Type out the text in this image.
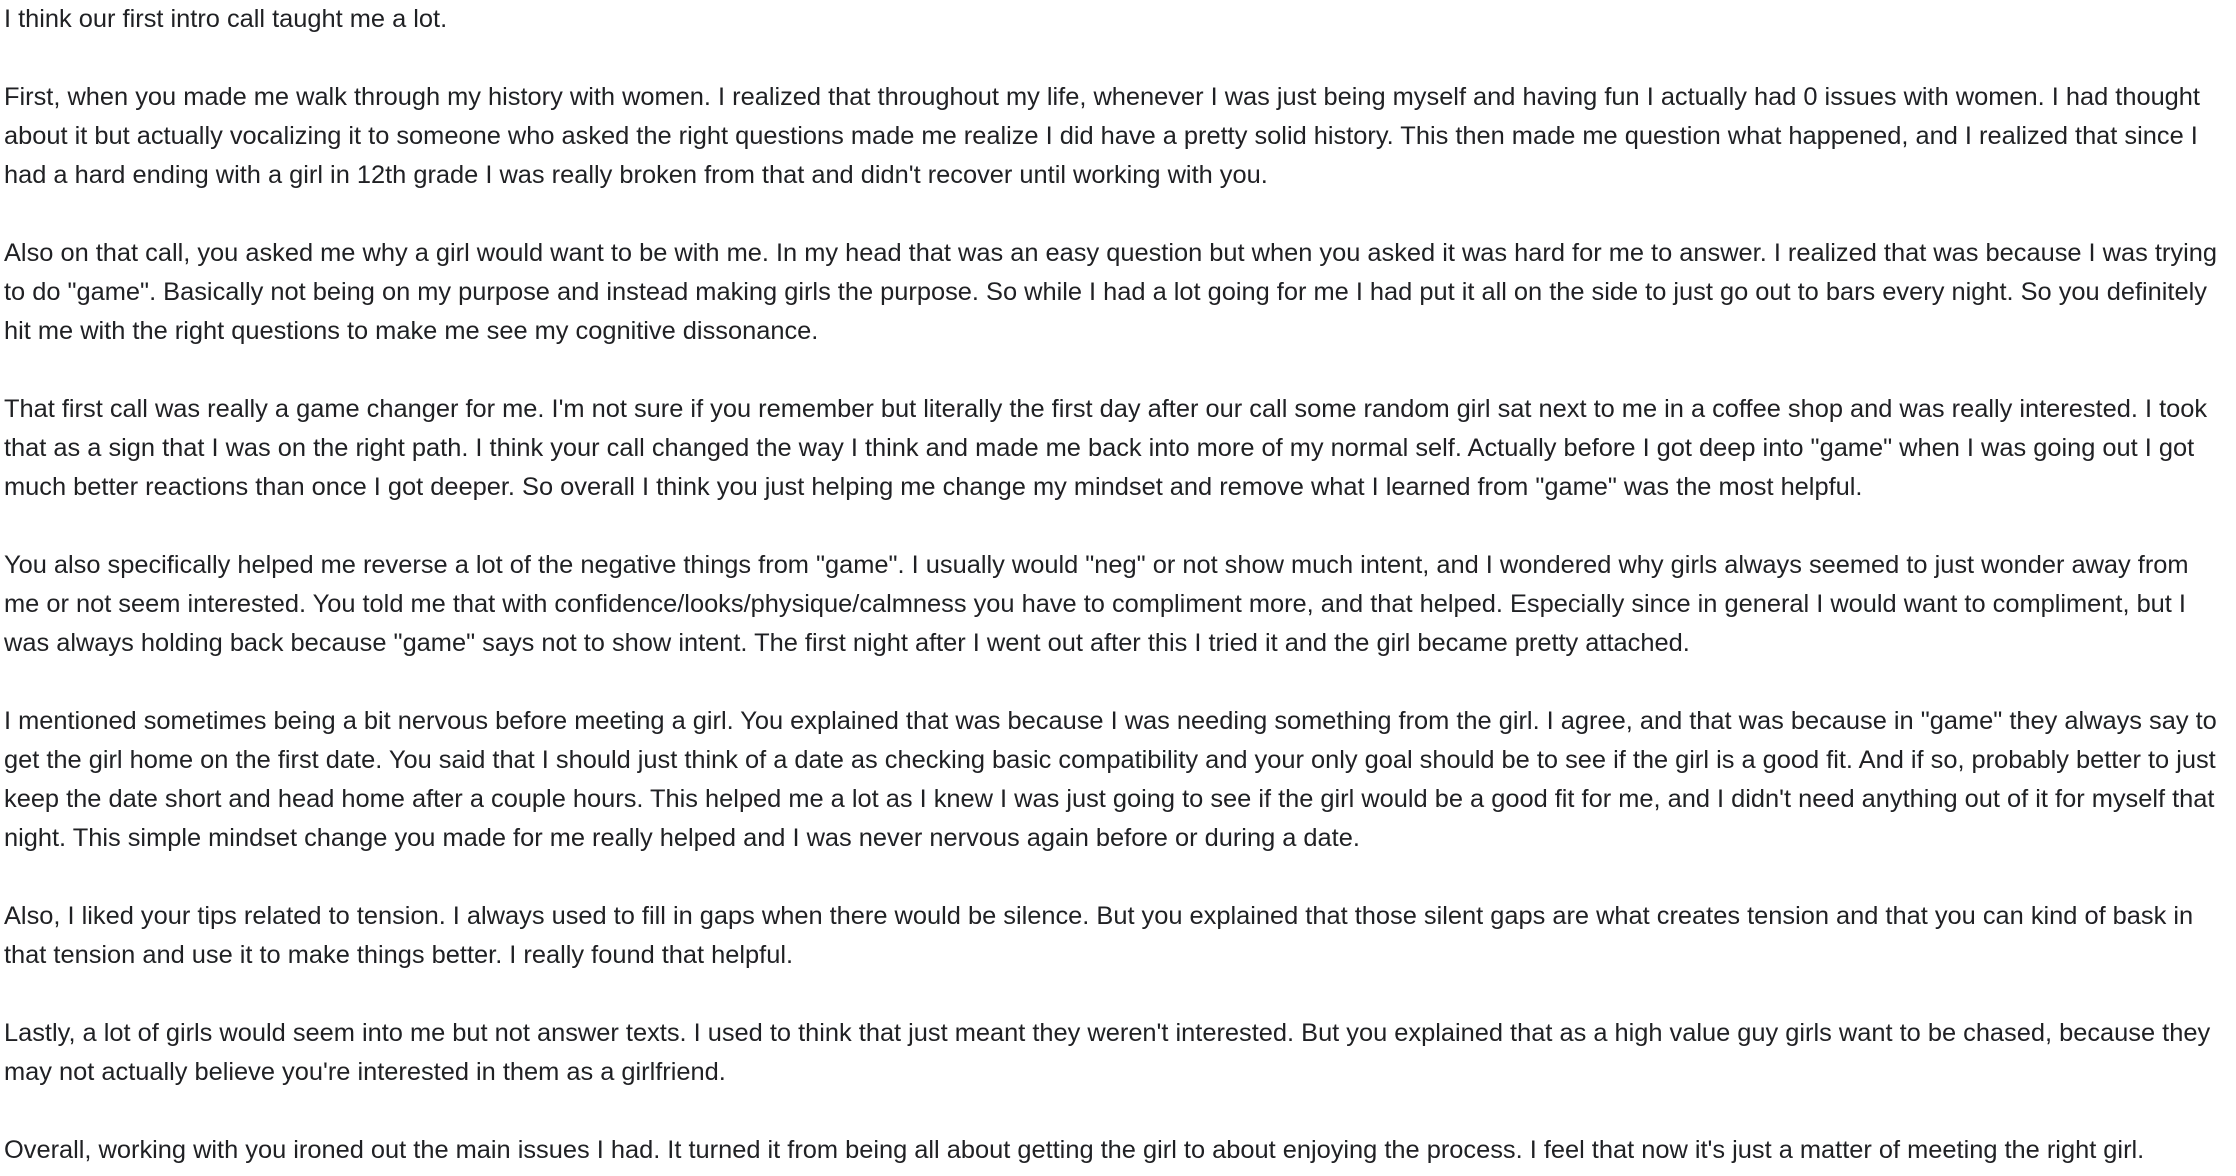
I think our first intro call taught me a lot.

First, when you made me walk through my history with women. I realized that throughout my life, whenever I was just being myself and having fun I actually had 0 issues with women. I had thought about it but actually vocalizing it to someone who asked the right questions made me realize I did have a pretty solid history. This then made me question what happened, and I realized that since I had a hard ending with a girl in 12th grade I was really broken from that and didn't recover until working with you.

Also on that call, you asked me why a girl would want to be with me. In my head that was an easy question but when you asked it was hard for me to answer. I realized that was because I was trying to do "game". Basically not being on my purpose and instead making girls the purpose. So while I had a lot going for me I had put it all on the side to just go out to bars every night. So you definitely hit me with the right questions to make me see my cognitive dissonance.

That first call was really a game changer for me. I'm not sure if you remember but literally the first day after our call some random girl sat next to me in a coffee shop and was really interested. I took that as a sign that I was on the right path. I think your call changed the way I think and made me back into more of my normal self. Actually before I got deep into "game" when I was going out I got much better reactions than once I got deeper. So overall I think you just helping me change my mindset and remove what I learned from "game" was the most helpful.

You also specifically helped me reverse a lot of the negative things from "game". I usually would "neg" or not show much intent, and I wondered why girls always seemed to just wonder away from me or not seem interested. You told me that with confidence/looks/physique/calmness you have to compliment more, and that helped. Especially since in general I would want to compliment, but I was always holding back because "game" says not to show intent. The first night after I went out after this I tried it and the girl became pretty attached.

I mentioned sometimes being a bit nervous before meeting a girl. You explained that was because I was needing something from the girl. I agree, and that was because in "game" they always say to get the girl home on the first date. You said that I should just think of a date as checking basic compatibility and your only goal should be to see if the girl is a good fit. And if so, probably better to just keep the date short and head home after a couple hours. This helped me a lot as I knew I was just going to see if the girl would be a good fit for me, and I didn't need anything out of it for myself that night. This simple mindset change you made for me really helped and I was never nervous again before or during a date.

Also, I liked your tips related to tension. I always used to fill in gaps when there would be silence. But you explained that those silent gaps are what creates tension and that you can kind of bask in that tension and use it to make things better. I really found that helpful.

Lastly, a lot of girls would seem into me but not answer texts. I used to think that just meant they weren't interested. But you explained that as a high value guy girls want to be chased, because they may not actually believe you're interested in them as a girlfriend.

Overall, working with you ironed out the main issues I had. It turned it from being all about getting the girl to about enjoying the process. I feel that now it's just a matter of meeting the right girl.
